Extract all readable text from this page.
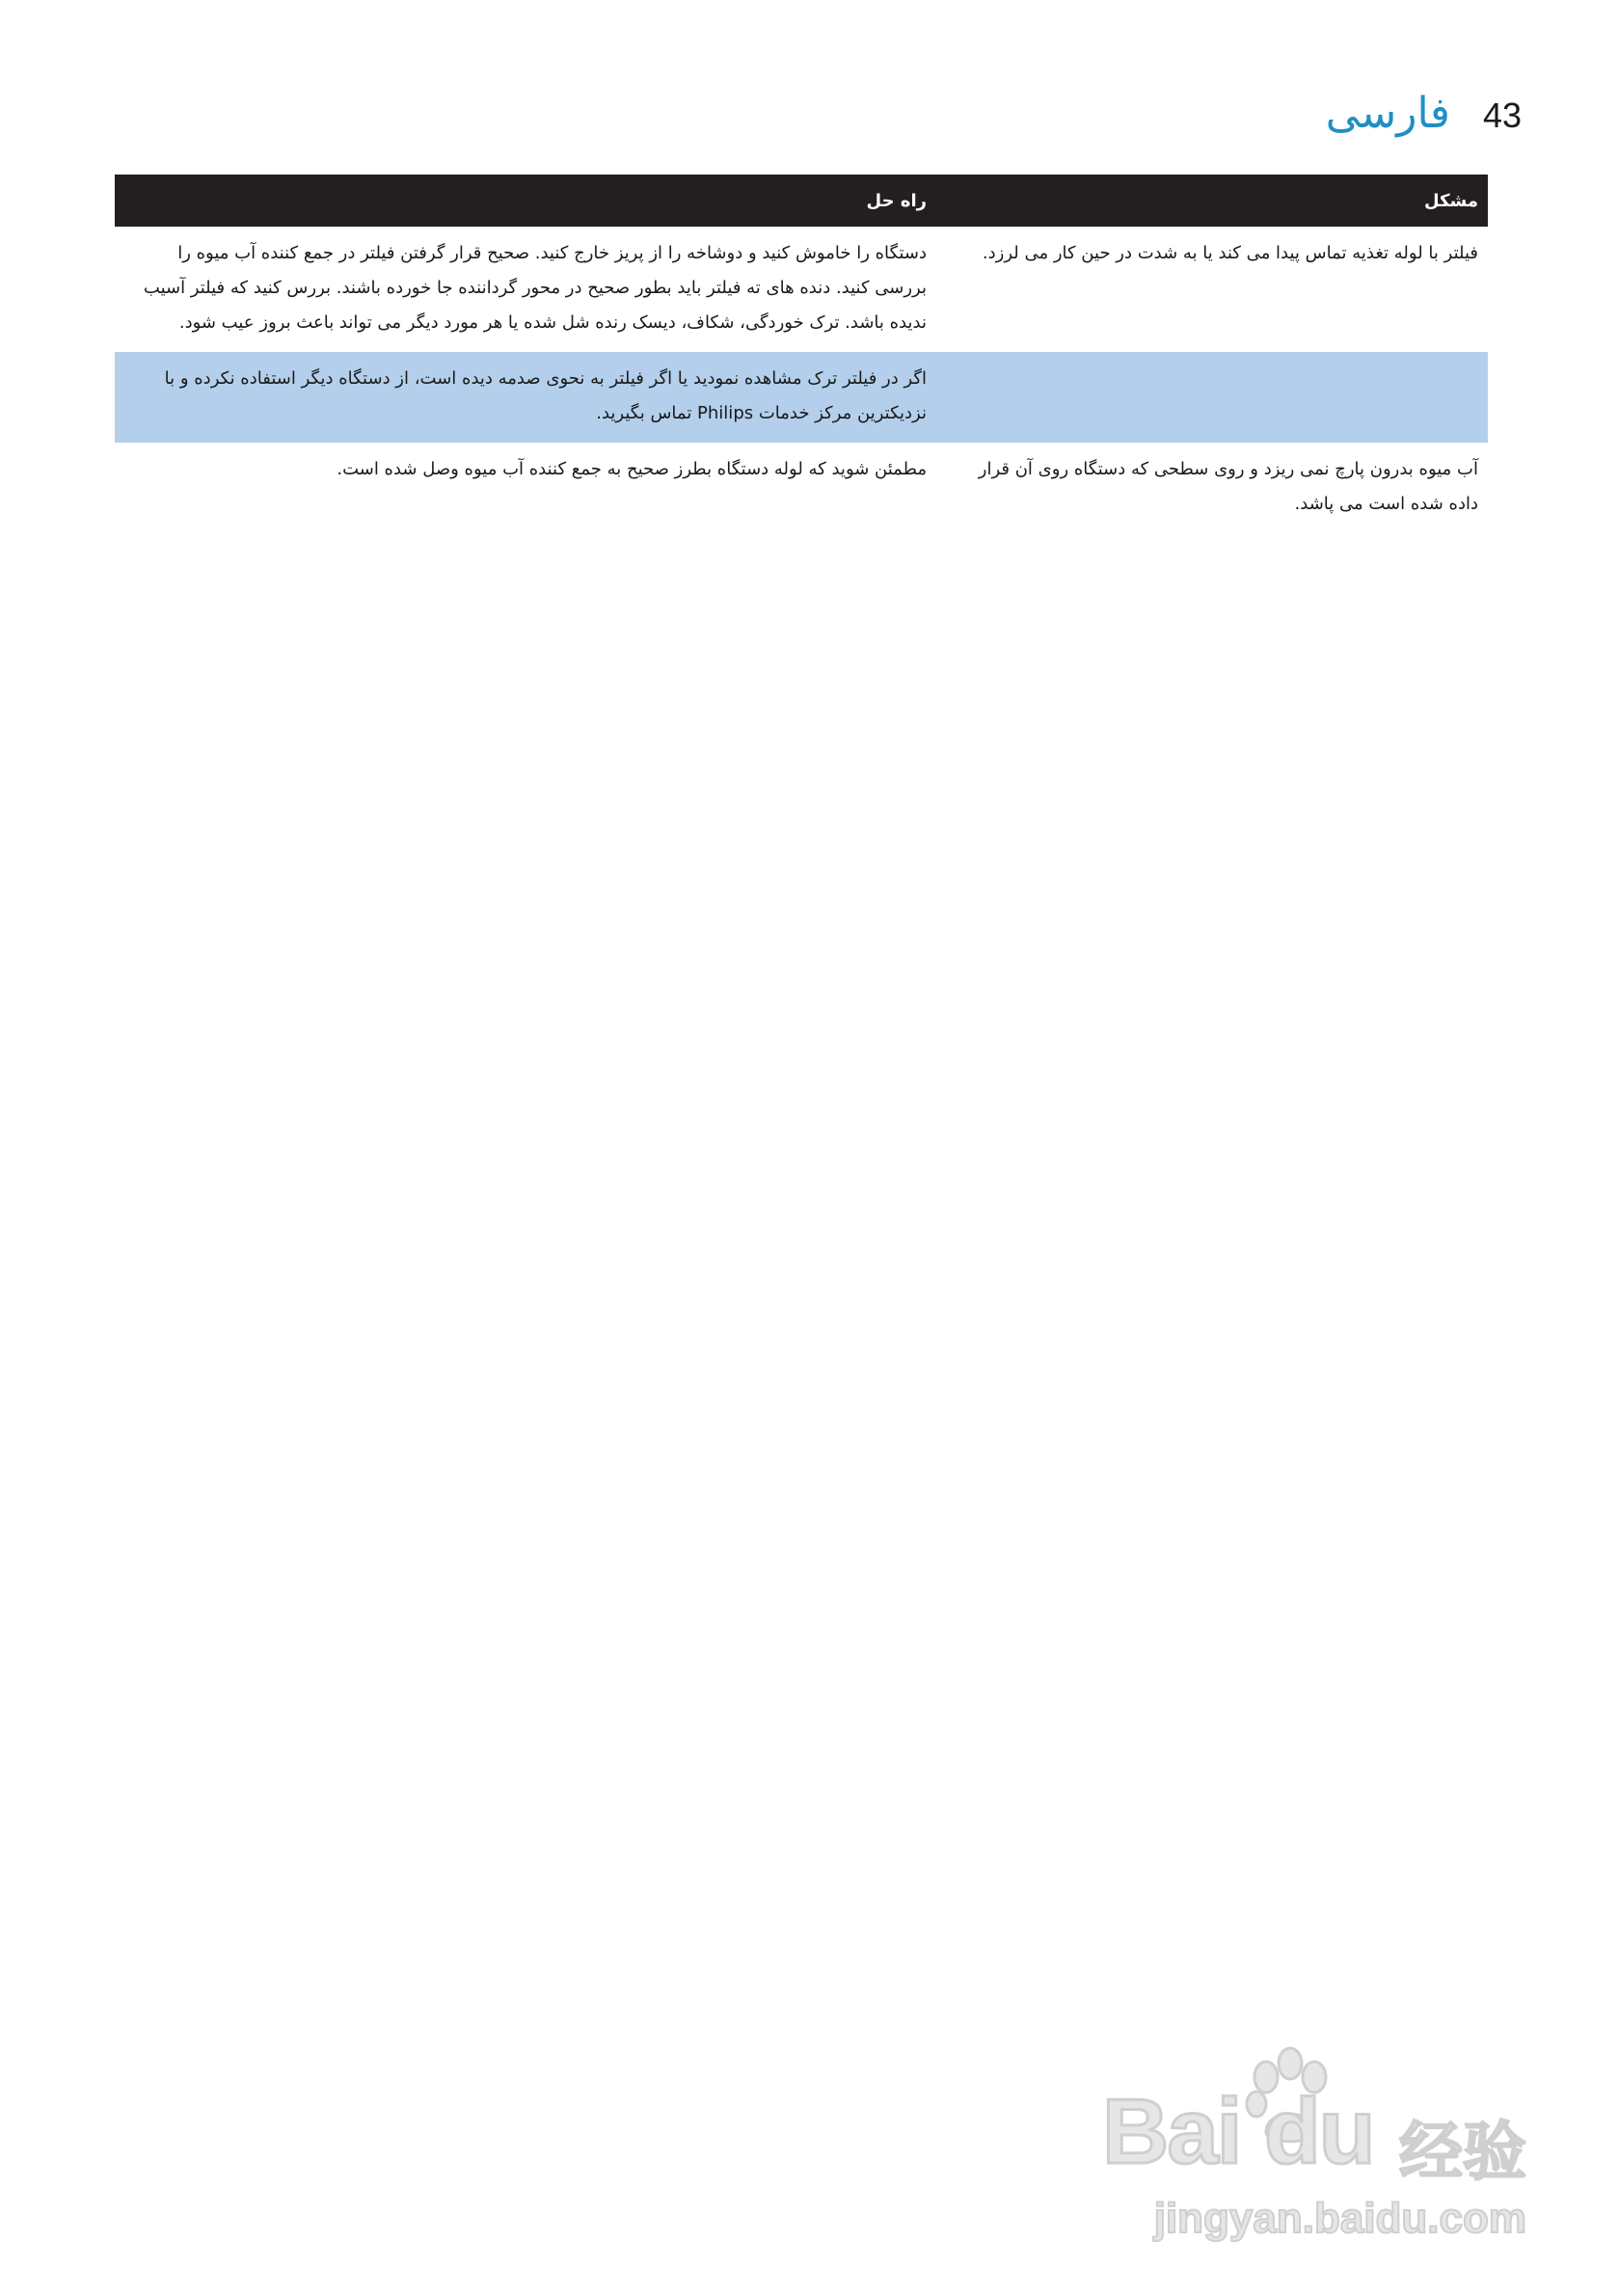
فارسی 43
مشکل	راه حل
فیلتر با لوله تغذیه تماس پیدا می کند یا به شدت در حین کار می لرزد.	دستگاه را خاموش کنید و دوشاخه را از پریز خارج کنید. صحیح قرار گرفتن فیلتر در جمع کننده آب میوه را بررسی کنید. دنده های ته فیلتر باید بطور صحیح در محور گرداننده جا خورده باشند. بررس کنید که فیلتر آسیب ندیده باشد. ترک خوردگی، شکاف، دیسک رنده شل شده یا هر مورد دیگر می تواند باعث بروز عیب شود.
	اگر در فیلتر ترک مشاهده نمودید یا اگر فیلتر به نحوی صدمه دیده است، از دستگاه دیگر استفاده نکرده و با نزدیکترین مرکز خدمات Philips تماس بگیرید.
آب میوه بدرون پارچ نمی ریزد و روی سطحی که دستگاه روی آن قرار داده شده است می پاشد.	مطمئن شوید که لوله دستگاه بطرز صحیح به جمع کننده آب میوه وصل شده است.
Bai du 经验
jingyan.baidu.com
